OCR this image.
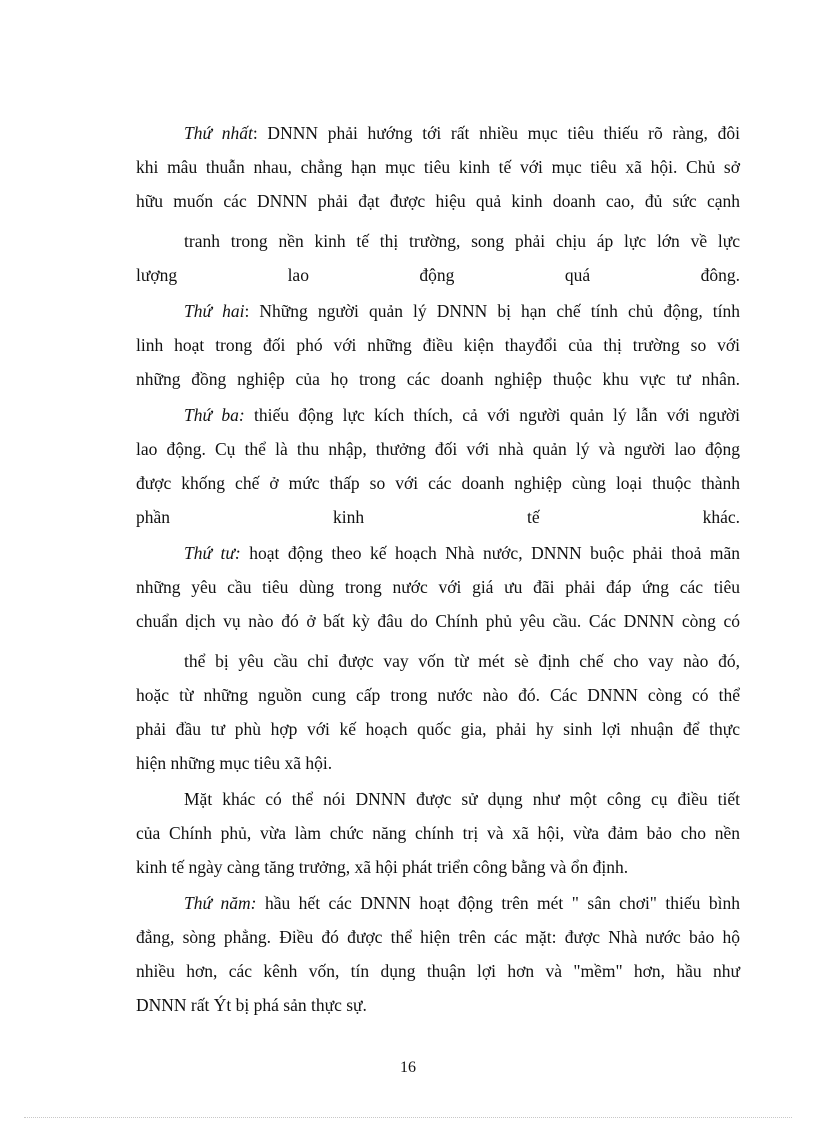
Thứ nhất: DNNN phải hướng tới rất nhiều mục tiêu thiếu rõ ràng, đôi
khi mâu thuẫn nhau, chẳng hạn mục tiêu kinh tế với mục tiêu xã hội. Chủ sở
hữu muốn các DNNN phải đạt được hiệu quả kinh doanh cao, đủ sức cạnh
tranh trong nền kinh tế thị trường, song phải chịu áp lực lớn về lực
lượng lao động quá đông.
Thứ hai: Những người quản lý DNNN bị hạn chế tính chủ động, tính
linh hoạt trong đối phó với những điều kiện thayđổi của thị trường so với
những đồng nghiệp của họ trong các doanh nghiệp thuộc khu vực tư nhân.
Thứ ba: thiếu động lực kích thích, cả với người quản lý lẫn với người
lao động. Cụ thể là thu nhập, thưởng đối với nhà quản lý và người lao động
được khống chế ở mức thấp so với các doanh nghiệp cùng loại thuộc thành
phần kinh tế khác.
Thứ tư: hoạt động theo kế hoạch Nhà nước, DNNN buộc phải thoả mãn
những yêu cầu tiêu dùng trong nước với giá ưu đãi phải đáp ứng các tiêu
chuẩn dịch vụ nào đó ở bất kỳ đâu do Chính phủ yêu cầu. Các DNNN còng có
thể bị yêu cầu chỉ được vay vốn từ mét sè định chế cho vay nào đó,
hoặc từ những nguồn cung cấp trong nước nào đó. Các DNNN còng có thể
phải đầu tư phù hợp với kế hoạch quốc gia, phải hy sinh lợi nhuận để thực
hiện những mục tiêu xã hội.
Mặt khác có thể nói DNNN được sử dụng như một công cụ điều tiết
của Chính phủ, vừa làm chức năng chính trị và xã hội, vừa đảm bảo cho nền
kinh tế ngày càng tăng trưởng, xã hội phát triển công bằng và ổn định.
Thứ năm: hầu hết các DNNN hoạt động trên mét " sân chơi" thiếu bình
đẳng, sòng phẳng. Điều đó được thể hiện trên các mặt: được Nhà nước bảo hộ
nhiều hơn, các kênh vốn, tín dụng thuận lợi hơn và "mềm" hơn, hầu như
DNNN rất Ýt bị phá sản thực sự.
16
